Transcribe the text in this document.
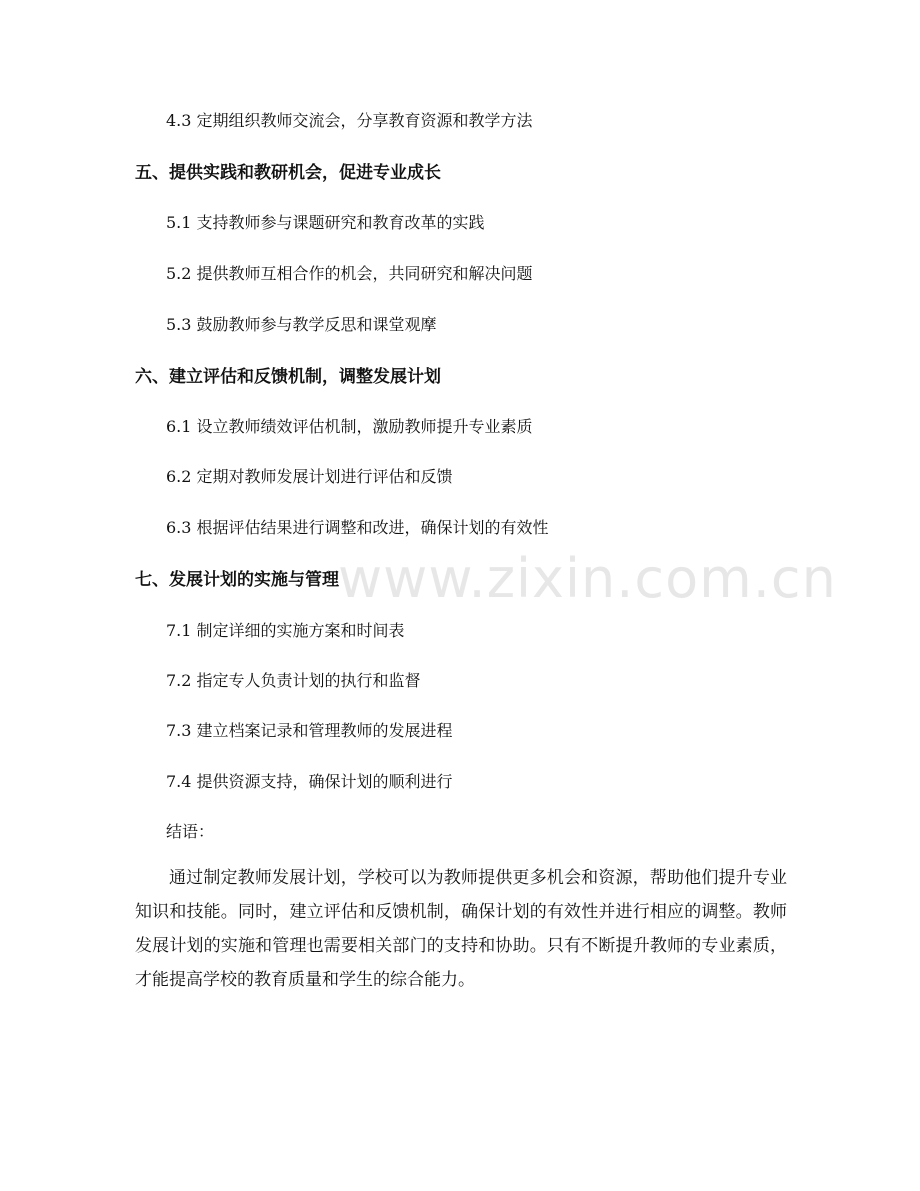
4.3 定期组织教师交流会，分享教育资源和教学方法
五、提供实践和教研机会，促进专业成长
5.1 支持教师参与课题研究和教育改革的实践
5.2 提供教师互相合作的机会，共同研究和解决问题
5.3 鼓励教师参与教学反思和课堂观摩
六、建立评估和反馈机制，调整发展计划
6.1 设立教师绩效评估机制，激励教师提升专业素质
6.2 定期对教师发展计划进行评估和反馈
6.3 根据评估结果进行调整和改进，确保计划的有效性
七、发展计划的实施与管理
7.1 制定详细的实施方案和时间表
7.2 指定专人负责计划的执行和监督
7.3 建立档案记录和管理教师的发展进程
7.4 提供资源支持，确保计划的顺利进行
结语：
通过制定教师发展计划，学校可以为教师提供更多机会和资源，帮助他们提升专业知识和技能。同时，建立评估和反馈机制，确保计划的有效性并进行相应的调整。教师发展计划的实施和管理也需要相关部门的支持和协助。只有不断提升教师的专业素质，才能提高学校的教育质量和学生的综合能力。
www.zixin.com.cn
